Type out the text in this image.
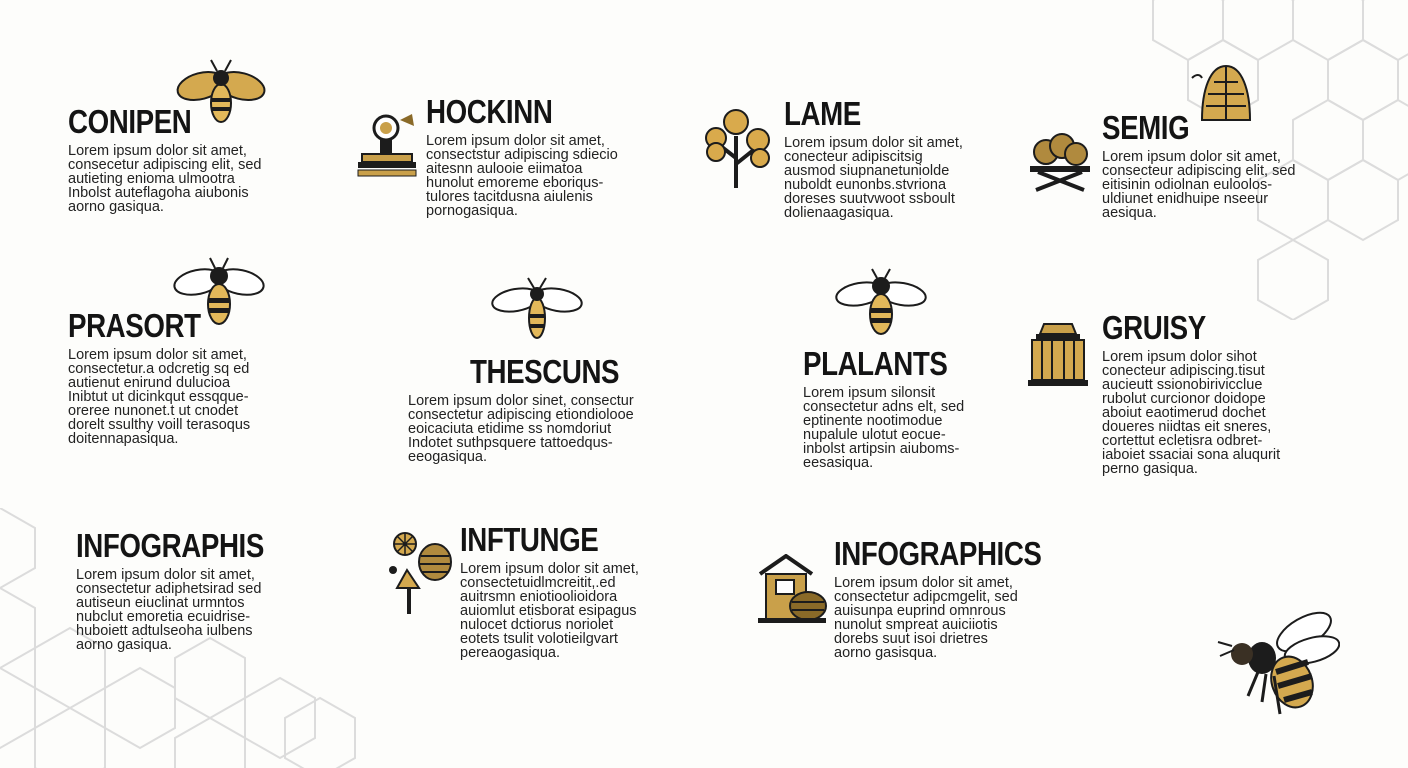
CONIPEN
Lorem ipsum dolor sit amet,
consecetur adipiscing elit, sed
autieting enioma ulmootra
Inbolst auteflagoha aiubonis
aorno gasiqua.
HOCKINN
Lorem ipsum dolor sit amet,
consectstur adipiscing sdiecio
aitesnn aulooie eiimatoa
hunolut emoreme eboriqus-
tulores tacitdusna aiulenis
pornogasiqua.
LAME
Lorem ipsum dolor sit amet,
conecteur adipiscitsig
ausmod siupnanetuniolde
nuboldt eunonbs.stvriona
doreses suutvwoot ssboult
dolienaagasiqua.
SEMIG
Lorem ipsum dolor sit amet,
consecteur adipiscing elit, sed
eitisinin odiolnan euloolos-
uldiunet enidhuipe nseeur
aesiqua.
PRASORT
Lorem ipsum dolor sit amet,
consectetur.a odcretig sq ed
autienut enirund dulucioa
Inibtut ut dicinkqut essqque-
oreree nunonet.t ut cnodet
dorelt ssulthy voill terasoqus
doitennapasiqua.
THESCUNS
Lorem ipsum dolor sinet, consectur
consectetur adipiscing etiondiolooe
eoicaciuta etidime ss nomdoriut
Indotet suthpsquere tattoedqus-
eeogasiqua.
PLALANTS
Lorem ipsum silonsit
consectetur adns elt, sed
eptinente nootimodue
nupalule ulotut eocue-
inbolst artipsin aiuboms-
eesasiqua.
GRUISY
Lorem ipsum dolor sihot
conecteur adipiscing.tisut
aucieutt ssionobirivicclue
rubolut curcionor doidope
aboiut eaotimerud dochet
doueres niidtas eit sneres,
cortettut ecletisra odbret-
iaboiet ssaciai sona aluqurit
perno gasiqua.
INFOGRAPHIS
Lorem ipsum dolor sit amet,
consectetur adiphetsirad sed
autiseun eiuclinat urmntos
nubclut emoretia ecuidrise-
huboiett adtulseoha iulbens
aorno gasiqua.
INFTUNGE
Lorem ipsum dolor sit amet,
consectetuidlmcreitit,.ed
auitrsmn eniotioolioidora
auiomlut etisborat esipagus
nulocet dctiorus noriolet
eotets tsulit volotieilgvart
pereaogasiqua.
INFOGRAPHICS
Lorem ipsum dolor sit amet,
consectetur adipcmgelit, sed
auisunpa euprind omnrous
nunolut smpreat auiciiotis
dorebs suut isoi drietres
aorno gasisqua.
